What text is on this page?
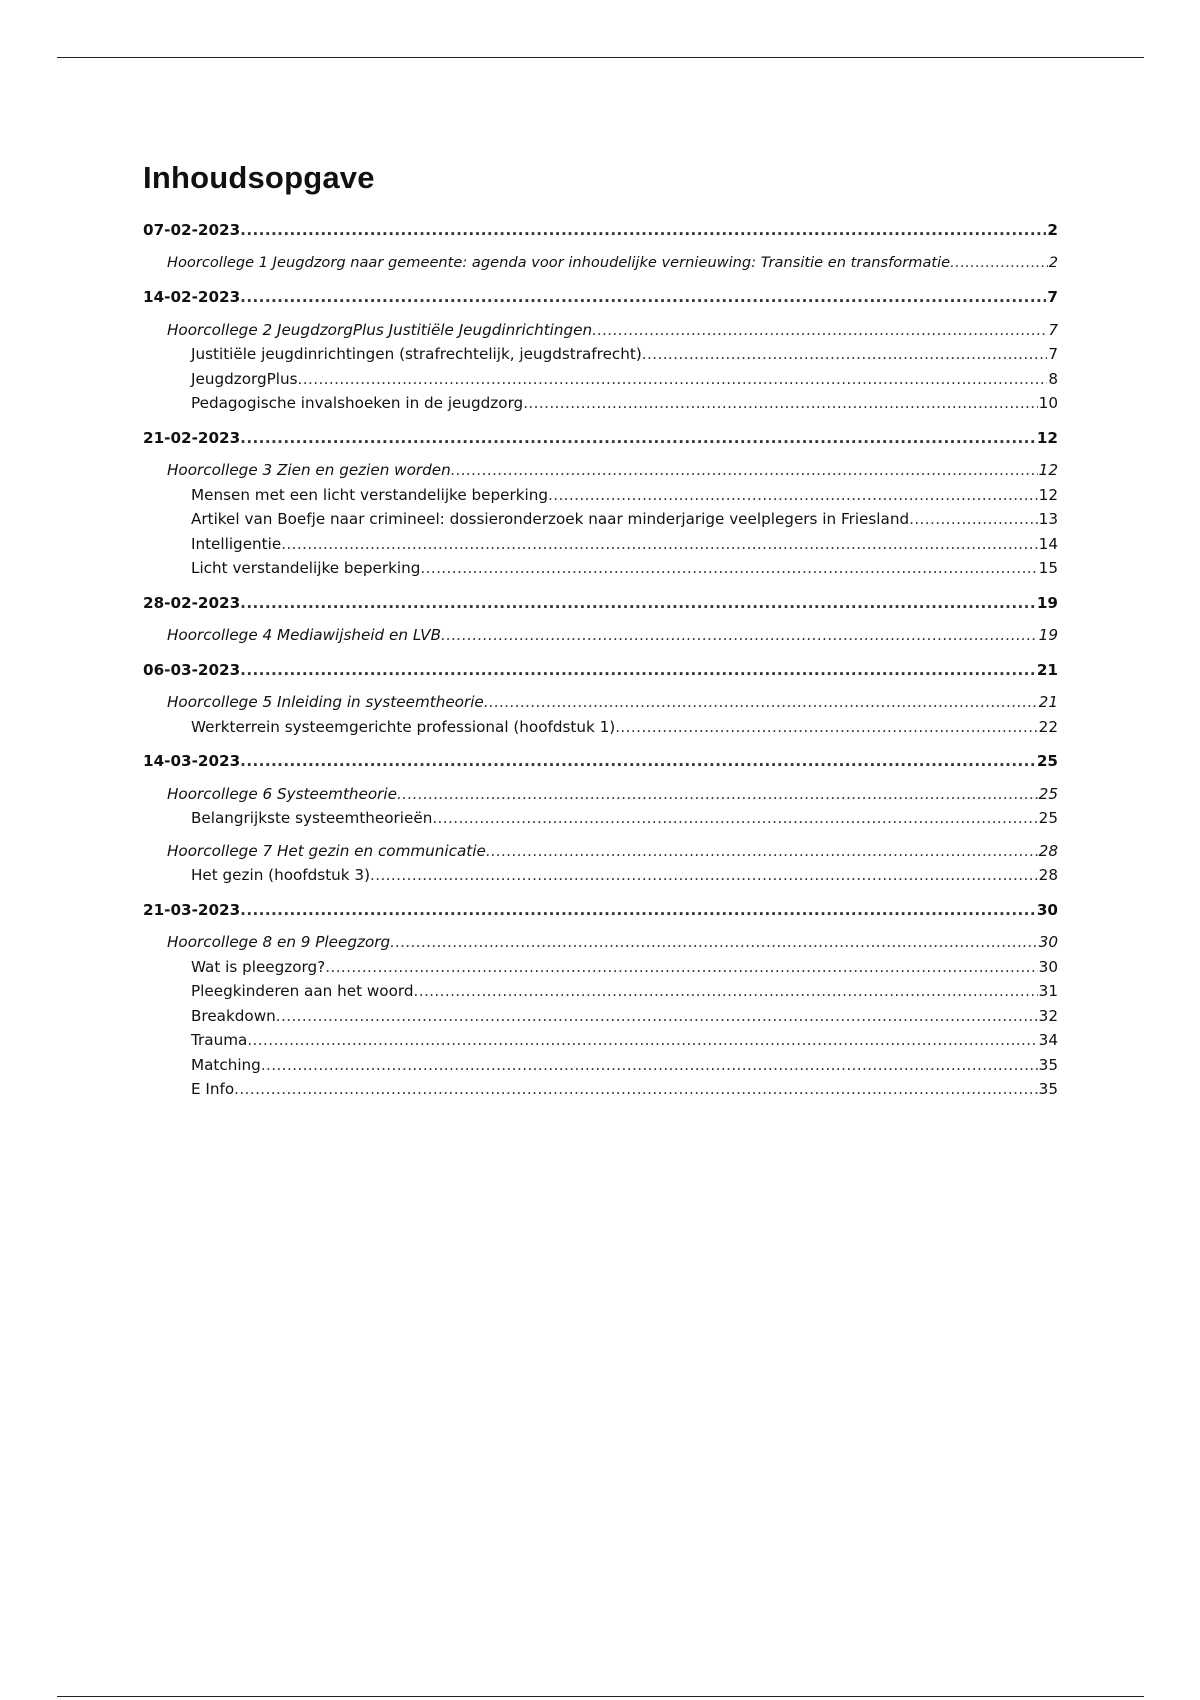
Inhoudsopgave
07-02-2023 .....	2
Hoorcollege 1 Jeugdzorg naar gemeente: agenda voor inhoudelijke vernieuwing: Transitie en transformatie .....	2
14-02-2023 .....	7
Hoorcollege 2 JeugdzorgPlus Justitiële Jeugdinrichtingen .....	7
Justitiële jeugdinrichtingen (strafrechtelijk, jeugdstrafrecht) .....	7
JeugdzorgPlus .....	8
Pedagogische invalshoeken in de jeugdzorg .....	10
21-02-2023 .....	12
Hoorcollege 3 Zien en gezien worden .....	12
Mensen met een licht verstandelijke beperking .....	12
Artikel van Boefje naar crimineel: dossieronderzoek naar minderjarige veelplegers in Friesland .....	13
Intelligentie .....	14
Licht verstandelijke beperking .....	15
28-02-2023 .....	19
Hoorcollege 4 Mediawijsheid en LVB .....	19
06-03-2023 .....	21
Hoorcollege 5 Inleiding in systeemtheorie .....	21
Werkterrein systeemgerichte professional (hoofdstuk 1) .....	22
14-03-2023 .....	25
Hoorcollege 6 Systeemtheorie .....	25
Belangrijkste systeemtheorieën .....	25
Hoorcollege 7 Het gezin en communicatie .....	28
Het gezin (hoofdstuk 3) .....	28
21-03-2023 .....	30
Hoorcollege 8 en 9 Pleegzorg .....	30
Wat is pleegzorg? .....	30
Pleegkinderen aan het woord .....	31
Breakdown .....	32
Trauma .....	34
Matching .....	35
E Info .....	35
